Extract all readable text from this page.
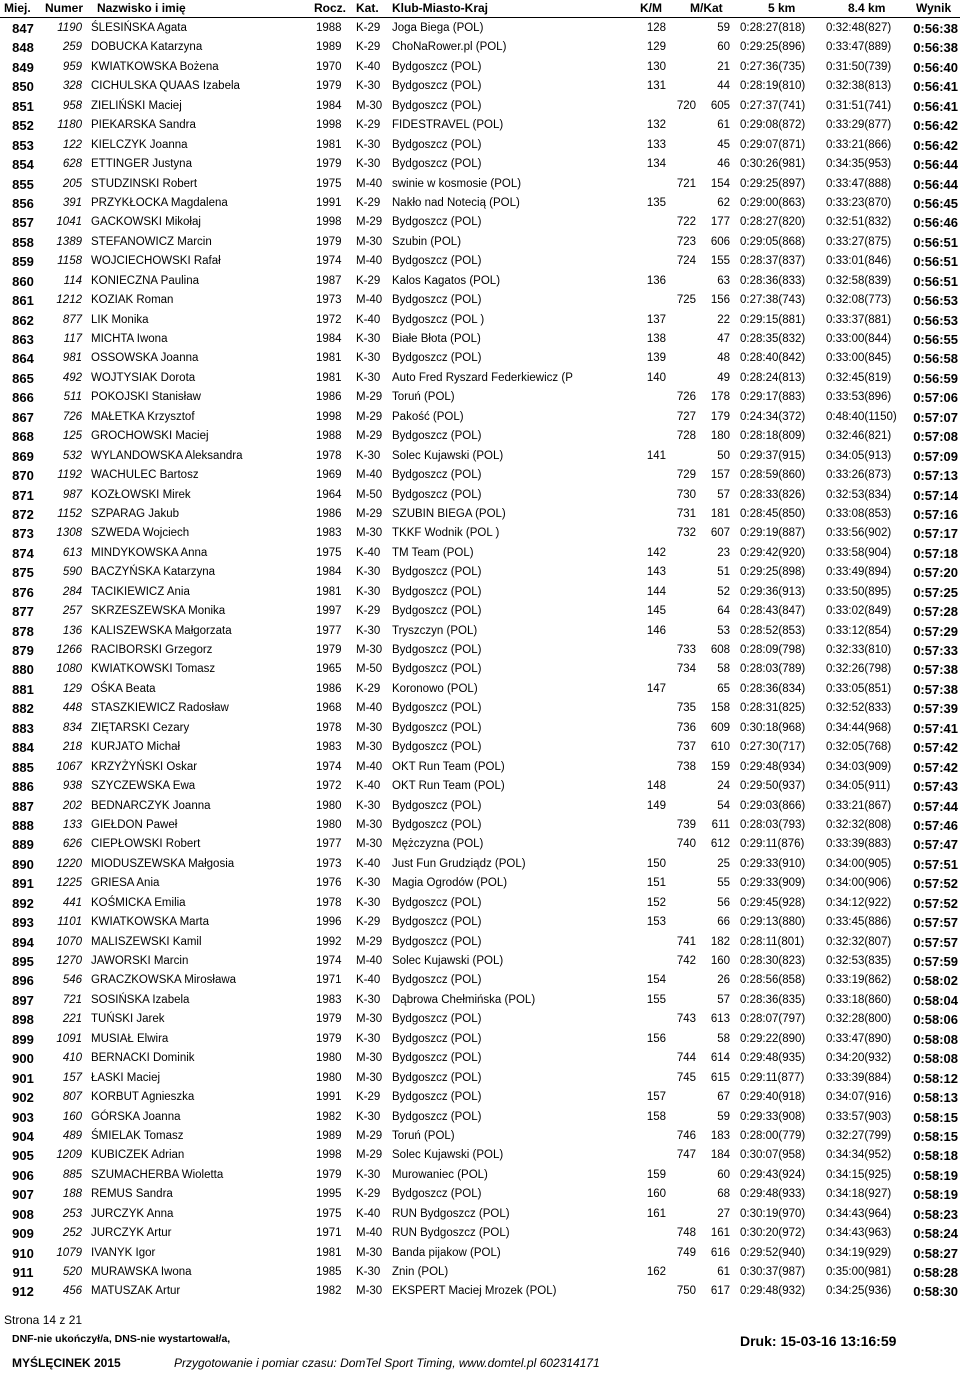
Miej. Numer Nazwisko i imię	Rocz. Kat. Klub-Miasto-Kraj	K/M M/Kat	5 km	8.4 km	Wynik
847	1190 ŚLESIŃSKA Agata	1988 K-29 Joga Biega (POL)	128	59 0:28:27(818) 0:32:48(827)	0:56:38
848	259 DOBUCKA Katarzyna	1989 K-29 ChoNaRower.pl (POL)	129	60 0:29:25(896) 0:33:47(889)	0:56:38
849	959 KWIATKOWSKA Bożena	1970 K-40 Bydgoszcz (POL)	130	21 0:27:36(735) 0:31:50(739)	0:56:40
850	328 CICHULSKA QUAAS Izabela	1979 K-30 Bydgoszcz (POL)	131	44 0:28:19(810) 0:32:38(813)	0:56:41
851	958 ZIELIŃSKI Maciej	1984 M-30 Bydgoszcz (POL)	720	605 0:27:37(741) 0:31:51(741)	0:56:41
852	1180 PIEKARSKA Sandra	1998 K-29 FIDESTRAVEL (POL)	132	61 0:29:08(872) 0:33:29(877)	0:56:42
853	122 KIELCZYK Joanna	1981 K-30 Bydgoszcz (POL)	133	45 0:29:07(871) 0:33:21(866)	0:56:42
854	628 ETTINGER Justyna	1979 K-30 Bydgoszcz (POL)	134	46 0:30:26(981) 0:34:35(953)	0:56:44
855	205 STUDZINSKI Robert	1975 M-40 swinie w kosmosie (POL)	721	154 0:29:25(897) 0:33:47(888)	0:56:44
856	391 PRZYKŁOCKA Magdalena	1991 K-29 Nakło nad Notecią (POL)	135	62 0:29:00(863) 0:33:23(870)	0:56:45
857	1041 GACKOWSKI Mikołaj	1998 M-29 Bydgoszcz (POL)	722	177 0:28:27(820) 0:32:51(832)	0:56:46
858	1389 STEFANOWICZ Marcin	1979 M-30 Szubin (POL)	723	606 0:29:05(868) 0:33:27(875)	0:56:51
859	1158 WOJCIECHOWSKI Rafał	1974 M-40 Bydgoszcz (POL)	724	155 0:28:37(837) 0:33:01(846)	0:56:51
860	114 KONIECZNA Paulina	1987 K-29 Kalos Kagatos (POL)	136	63 0:28:36(833) 0:32:58(839)	0:56:51
861	1212 KOZIAK Roman	1973 M-40 Bydgoszcz (POL)	725	156 0:27:38(743) 0:32:08(773)	0:56:53
862	877 LIK Monika	1972 K-40 Bydgoszcz (POL )	137	22 0:29:15(881) 0:33:37(881)	0:56:53
863	117 MICHTA Iwona	1984 K-30 Białe Błota (POL)	138	47 0:28:35(832) 0:33:00(844)	0:56:55
864	981 OSSOWSKA Joanna	1981 K-30 Bydgoszcz (POL)	139	48 0:28:40(842) 0:33:00(845)	0:56:58
865	492 WOJTYSIAK Dorota	1981 K-30 Auto Fred Ryszard Federkiewicz (P	140	49 0:28:24(813) 0:32:45(819)	0:56:59
866	511 POKOJSKI Stanisław	1986 M-29 Toruń (POL)	726	178 0:29:17(883) 0:33:53(896)	0:57:06
867	726 MAŁETKA Krzysztof	1998 M-29 Pakość (POL)	727	179 0:24:34(372) 0:48:40(1150)	0:57:07
868	125 GROCHOWSKI Maciej	1988 M-29 Bydgoszcz (POL)	728	180 0:28:18(809) 0:32:46(821)	0:57:08
869	532 WYLANDOWSKA Aleksandra	1978 K-30 Solec Kujawski (POL)	141	50 0:29:37(915) 0:34:05(913)	0:57:09
870	1192 WACHULEC Bartosz	1969 M-40 Bydgoszcz (POL)	729	157 0:28:59(860) 0:33:26(873)	0:57:13
871	987 KOZŁOWSKI Mirek	1964 M-50 Bydgoszcz (POL)	730	57 0:28:33(826) 0:32:53(834)	0:57:14
872	1152 SZPARAG Jakub	1986 M-29 SZUBIN BIEGA (POL)	731	181 0:28:45(850) 0:33:08(853)	0:57:16
873	1308 SZWEDA Wojciech	1983 M-30 TKKF Wodnik (POL )	732	607 0:29:19(887) 0:33:56(902)	0:57:17
874	613 MINDYKOWSKA Anna	1975 K-40 TM Team (POL)	142	23 0:29:42(920) 0:33:58(904)	0:57:18
875	590 BACZYŃSKA Katarzyna	1984 K-30 Bydgoszcz (POL)	143	51 0:29:25(898) 0:33:49(894)	0:57:20
876	284 TACIKIEWICZ Ania	1981 K-30 Bydgoszcz (POL)	144	52 0:29:36(913) 0:33:50(895)	0:57:25
877	257 SKRZESZEWSKA Monika	1997 K-29 Bydgoszcz (POL)	145	64 0:28:43(847) 0:33:02(849)	0:57:28
878	136 KALISZEWSKA Małgorzata	1977 K-30 Tryszczyn (POL)	146	53 0:28:52(853) 0:33:12(854)	0:57:29
879	1266 RACIBORSKI Grzegorz	1979 M-30 Bydgoszcz (POL)	733	608 0:28:09(798) 0:32:33(810)	0:57:33
880	1080 KWIATKOWSKI Tomasz	1965 M-50 Bydgoszcz (POL)	734	58 0:28:03(789) 0:32:26(798)	0:57:38
881	129 OŚKA Beata	1986 K-29 Koronowo (POL)	147	65 0:28:36(834) 0:33:05(851)	0:57:38
882	448 STASZKIEWICZ Radosław	1968 M-40 Bydgoszcz (POL)	735	158 0:28:31(825) 0:32:52(833)	0:57:39
883	834 ZIĘTARSKI Cezary	1978 M-30 Bydgoszcz (POL)	736	609 0:30:18(968) 0:34:44(968)	0:57:41
884	218 KURJATO Michał	1983 M-30 Bydgoszcz (POL)	737	610 0:27:30(717) 0:32:05(768)	0:57:42
885	1067 KRZYŻYŃSKI Oskar	1974 M-40 OKT Run Team (POL)	738	159 0:29:48(934) 0:34:03(909)	0:57:42
886	938 SZYCZEWSKA Ewa	1972 K-40 OKT Run Team (POL)	148	24 0:29:50(937) 0:34:05(911)	0:57:43
887	202 BEDNARCZYK Joanna	1980 K-30 Bydgoszcz (POL)	149	54 0:29:03(866) 0:33:21(867)	0:57:44
888	133 GIEŁDON Paweł	1980 M-30 Bydgoszcz (POL)	739	611 0:28:03(793) 0:32:32(808)	0:57:46
889	626 CIEPŁOWSKI Robert	1977 M-30 Mężczyzna (POL)	740	612 0:29:11(876) 0:33:39(883)	0:57:47
890	1220 MIODUSZEWSKA Małgosia	1973 K-40 Just Fun Grudziądz (POL)	150	25 0:29:33(910) 0:34:00(905)	0:57:51
891	1225 GRIESA Ania	1976 K-30 Magia Ogrodów (POL)	151	55 0:29:33(909) 0:34:00(906)	0:57:52
892	441 KOŚMICKA Emilia	1978 K-30 Bydgoszcz (POL)	152	56 0:29:45(928) 0:34:12(922)	0:57:52
893	1101 KWIATKOWSKA Marta	1996 K-29 Bydgoszcz (POL)	153	66 0:29:13(880) 0:33:45(886)	0:57:57
894	1070 MALISZEWSKI Kamil	1992 M-29 Bydgoszcz (POL)	741	182 0:28:11(801) 0:32:32(807)	0:57:57
895	1270 JAWORSKI Marcin	1974 M-40 Solec Kujawski (POL)	742	160 0:28:30(823) 0:32:53(835)	0:57:59
896	546 GRACZKOWSKA Mirosława	1971 K-40 Bydgoszcz (POL)	154	26 0:28:56(858) 0:33:19(862)	0:58:02
897	721 SOSIŃSKA Izabela	1983 K-30 Dąbrowa Chełmińska (POL)	155	57 0:28:36(835) 0:33:18(860)	0:58:04
898	221 TUŃSKI Jarek	1979 M-30 Bydgoszcz (POL)	743	613 0:28:07(797) 0:32:28(800)	0:58:06
899	1091 MUSIAŁ Elwira	1979 K-30 Bydgoszcz (POL)	156	58 0:29:22(890) 0:33:47(890)	0:58:08
900	410 BERNACKI Dominik	1980 M-30 Bydgoszcz (POL)	744	614 0:29:48(935) 0:34:20(932)	0:58:08
901	157 ŁASKI Maciej	1980 M-30 Bydgoszcz (POL)	745	615 0:29:11(877) 0:33:39(884)	0:58:12
902	807 KORBUT Agnieszka	1991 K-29 Bydgoszcz (POL)	157	67 0:29:40(918) 0:34:07(916)	0:58:13
903	160 GÓRSKA Joanna	1982 K-30 Bydgoszcz (POL)	158	59 0:29:33(908) 0:33:57(903)	0:58:15
904	489 ŚMIELAK Tomasz	1989 M-29 Toruń (POL)	746	183 0:28:00(779) 0:32:27(799)	0:58:15
905	1209 KUBICZEK Adrian	1998 M-29 Solec Kujawski (POL)	747	184 0:30:07(958) 0:34:34(952)	0:58:18
906	885 SZUMACHERBA Wioletta	1979 K-30 Murowaniec (POL)	159	60 0:29:43(924) 0:34:15(925)	0:58:19
907	188 REMUS Sandra	1995 K-29 Bydgoszcz (POL)	160	68 0:29:48(933) 0:34:18(927)	0:58:19
908	253 JURCZYK Anna	1975 K-40 RUN Bydgoszcz (POL)	161	27 0:30:19(970) 0:34:43(964)	0:58:23
909	252 JURCZYK Artur	1971 M-40 RUN Bydgoszcz (POL)	748	161 0:30:20(972) 0:34:43(963)	0:58:24
910	1079 IVANYK Igor	1981 M-30 Banda pijakow (POL)	749	616 0:29:52(940) 0:34:19(929)	0:58:27
911	520 MURAWSKA Iwona	1985 K-30 Żnin (POL)	162	61 0:30:37(987) 0:35:00(981)	0:58:28
912	456 MATUSZAK Artur	1982 M-30 EKSPERT Maciej Mrozek (POL)	750	617 0:29:48(932) 0:34:25(936)	0:58:30
Strona 14 z 21
DNF-nie ukończył/a, DNS-nie wystartował/a,
MYŚLĘCINEK 2015	Przygotowanie i pomiar czasu: DomTel Sport Timing, www.domtel.pl 602314171
Druk: 15-03-16 13:16:59
